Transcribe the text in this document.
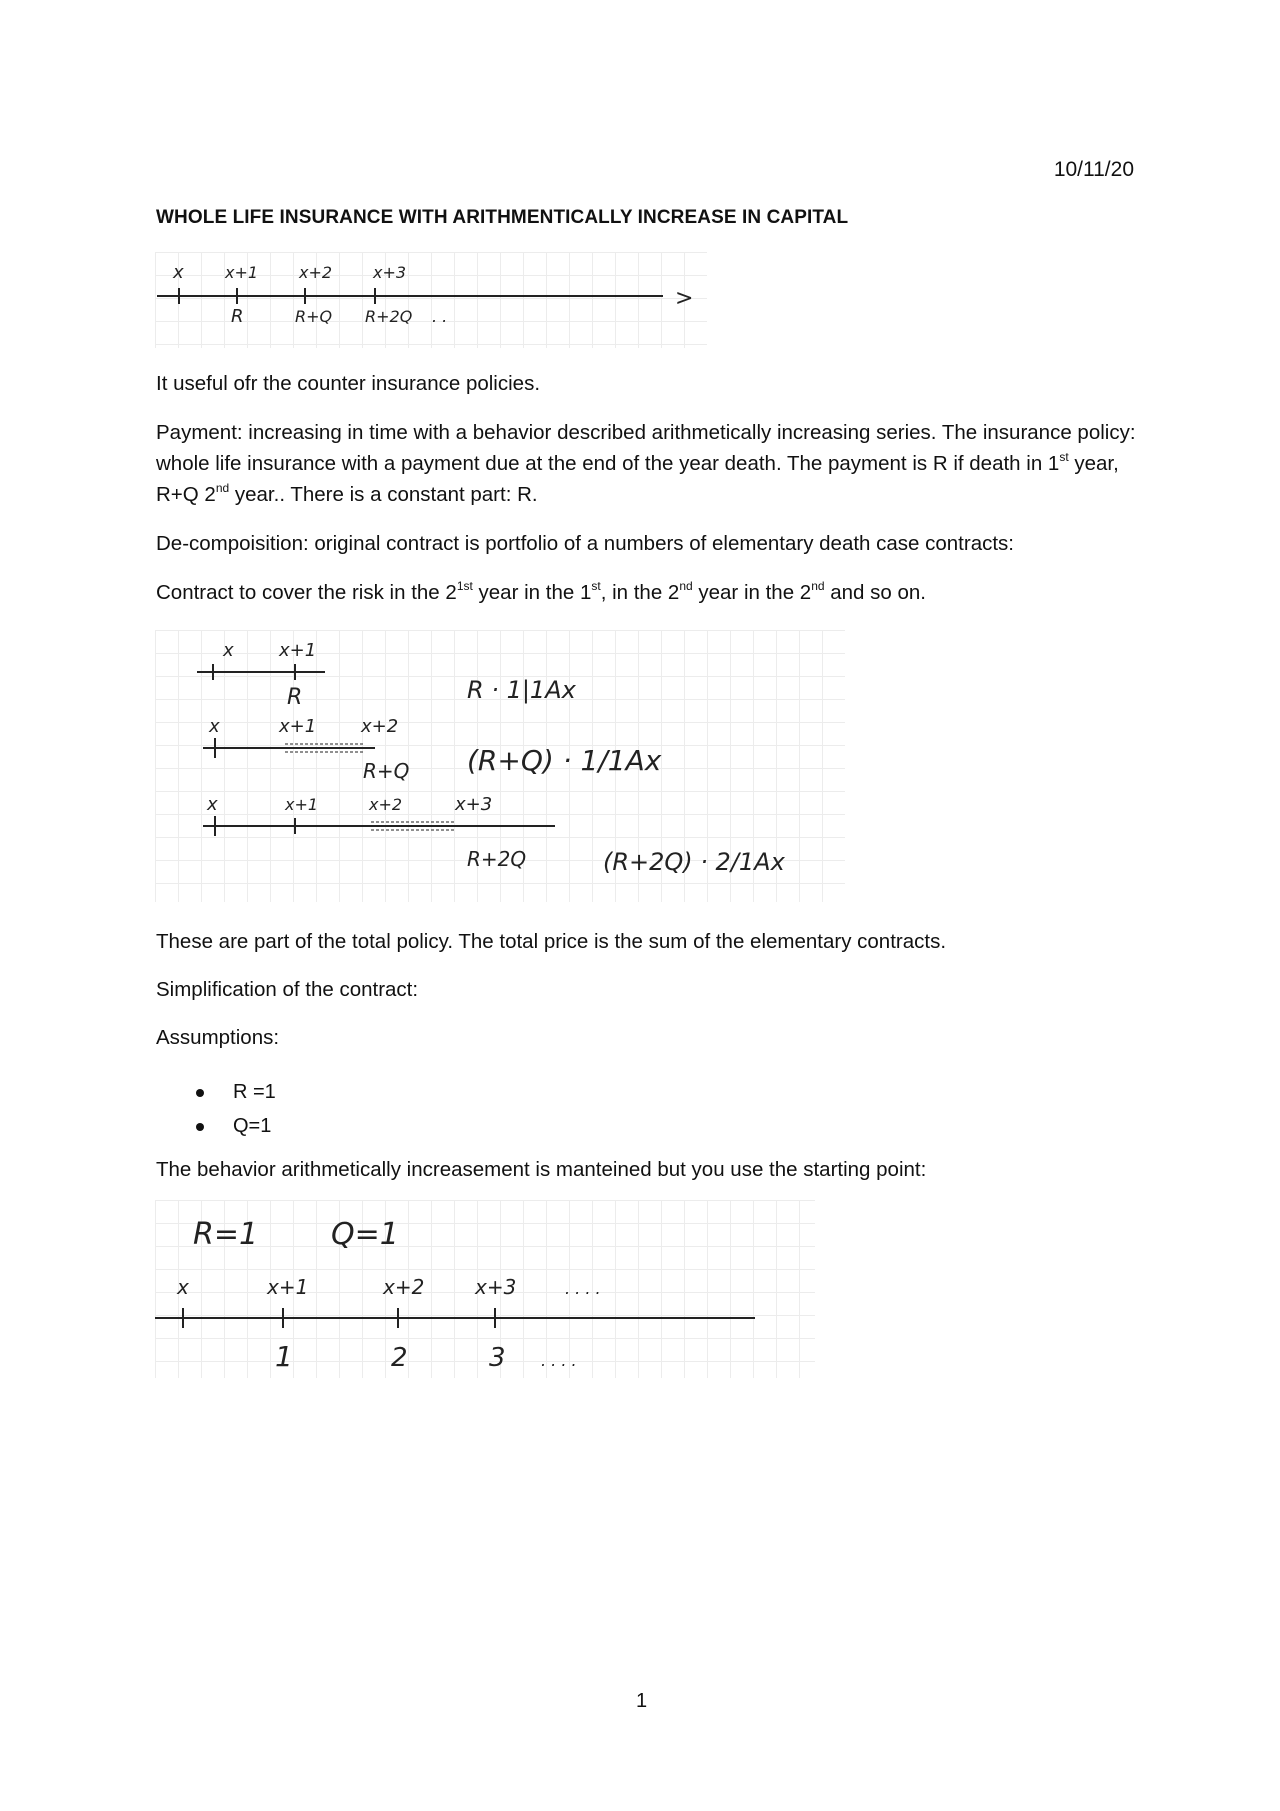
10/11/20
WHOLE LIFE INSURANCE WITH ARITHMENTICALLY INCREASE IN CAPITAL
x	x+1	x+2	x+3
R	R+Q R+2Q . .
>
It useful ofr the counter insurance policies.
Payment: increasing in time with a behavior described arithmetically increasing series. The insurance policy: whole life insurance with a payment due at the end of the year death. The payment is R if death in 1st year, R+Q 2nd year.. There is a constant part: R.
De-compoisition: original contract is portfolio of a numbers of elementary death case contracts:
Contract to cover the risk in the $2^{1st}$ year in the 1st, in the 2nd year in the 2nd and so on.
x	x+1
R	R · 1|1Ax
x	x+1 x+2
R+Q (R+Q) · 1/1Ax
x	x+1	x+2	x+3
R+2Q	(R+2Q) · 2/1Ax
These are part of the total policy. The total price is the sum of the elementary contracts.
Simplification of the contract:
Assumptions:
R =1
Q=1
The behavior arithmetically increasement is manteined but you use the starting point:
R=1 Q=1
x	x+1	x+2	x+3	. . . .
1	2	3 . . . .
1
